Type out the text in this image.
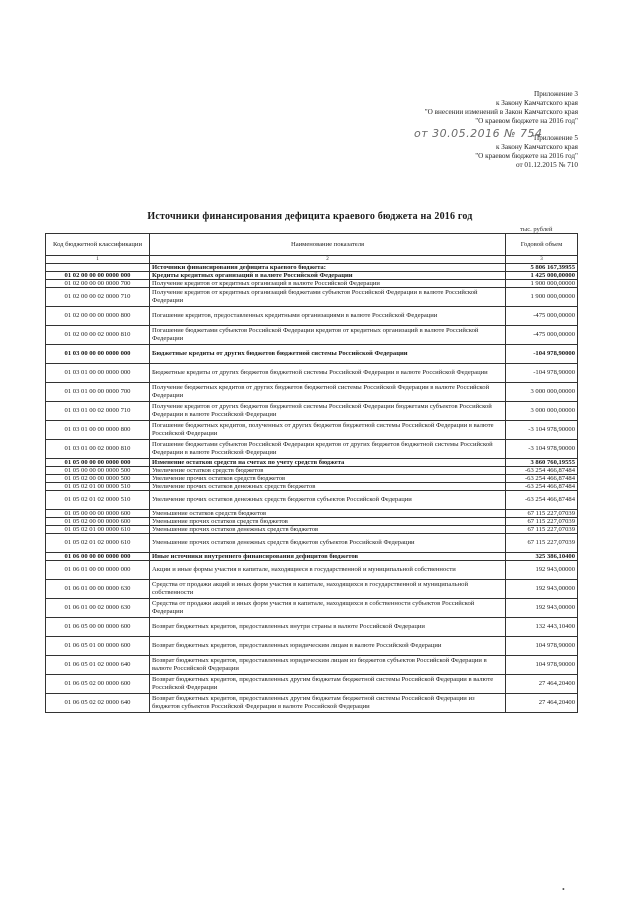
Приложение 3
к Закону Камчатского края
"О внесении изменений в Закон Камчатского края
"О краевом бюджете на 2016 год"
от 30.05.2016 № 754
"Приложение 5
к Закону Камчатского края
"О краевом бюджете на 2016 год"
от 01.12.2015 № 710
Источники финансирования дефицита краевого бюджета на 2016 год
тыс. рублей
Код бюджетной классификации	Наименование показателя	Годовой объем
1	2	3
	Источники финансирования дефицита краевого бюджета:	5 806 167,39955
01 02 00 00 00 0000 000	Кредиты кредитных организаций в валюте Российской Федерации	1 425 000,00000
01 02 00 00 00 0000 700	Получение кредитов от кредитных организаций в валюте Российской Федерации	1 900 000,00000
01 02 00 00 02 0000 710	Получение кредитов от кредитных организаций бюджетами субъектов Российской Федерации в валюте Российской Федерации	1 900 000,00000
01 02 00 00 00 0000 800	Погашение кредитов, предоставленных кредитными организациями в валюте Российской Федерации	-475 000,00000
01 02 00 00 02 0000 810	Погашение бюджетами субъектов Российской Федерации кредитов от кредитных организаций в валюте Российской Федерации	-475 000,00000
01 03 00 00 00 0000 000	Бюджетные кредиты от других бюджетов бюджетной системы Российской Федерации	-104 978,90000
01 03 01 00 00 0000 000	Бюджетные кредиты от других бюджетов бюджетной системы Российской Федерации в валюте Российской Федерации	-104 978,90000
01 03 01 00 00 0000 700	Получение бюджетных кредитов от других бюджетов бюджетной системы Российской Федерации в валюте Российской Федерации	3 000 000,00000
01 03 01 00 02 0000 710	Получение кредитов от других бюджетов бюджетной системы Российской Федерации бюджетами субъектов Российской Федерации в валюте Российской Федерации	3 000 000,00000
01 03 01 00 00 0000 800	Погашение бюджетных кредитов, полученных от других бюджетов бюджетной системы Российской Федерации в валюте Российской Федерации	-3 104 978,90000
01 03 01 00 02 0000 810	Погашение бюджетами субъектов Российской Федерации кредитов от других бюджетов бюджетной системы Российской Федерации в валюте Российской Федерации	-3 104 978,90000
01 05 00 00 00 0000 000	Изменение остатков средств на счетах по учету средств бюджета	3 860 760,19555
01 05 00 00 00 0000 500	Увеличение остатков средств бюджетов	-63 254 466,87484
01 05 02 00 00 0000 500	Увеличение прочих остатков средств бюджетов	-63 254 466,87484
01 05 02 01 00 0000 510	Увеличение прочих остатков денежных средств бюджетов	-63 254 466,87484
01 05 02 01 02 0000 510	Увеличение прочих остатков денежных средств бюджетов субъектов Российской Федерации	-63 254 466,87484
01 05 00 00 00 0000 600	Уменьшение остатков средств бюджетов	67 115 227,07039
01 05 02 00 00 0000 600	Уменьшение прочих остатков средств бюджетов	67 115 227,07039
01 05 02 01 00 0000 610	Уменьшение прочих остатков денежных средств бюджетов	67 115 227,07039
01 05 02 01 02 0000 610	Уменьшение прочих остатков денежных средств бюджетов субъектов Российской Федерации	67 115 227,07039
01 06 00 00 00 0000 000	Иные источники внутреннего финансирования дефицитов бюджетов	325 386,10400
01 06 01 00 00 0000 000	Акции и иные формы участия в капитале, находящиеся в государственной и муниципальной собственности	192 943,00000
01 06 01 00 00 0000 630	Средства от продажи акций и иных форм участия в капитале, находящихся в государственной и муниципальной собственности	192 943,00000
01 06 01 00 02 0000 630	Средства от продажи акций и иных форм участия в капитале, находящихся в собственности субъектов Российской Федерации	192 943,00000
01 06 05 00 00 0000 600	Возврат бюджетных кредитов, предоставленных внутри страны в валюте Российской Федерации	132 443,10400
01 06 05 01 00 0000 600	Возврат бюджетных кредитов, предоставленных юридическим лицам в валюте Российской Федерации	104 978,90000
01 06 05 01 02 0000 640	Возврат бюджетных кредитов, предоставленных юридическим лицам из бюджетов субъектов Российской Федерации в валюте Российской Федерации	104 978,90000
01 06 05 02 00 0000 600	Возврат бюджетных кредитов, предоставленных другим бюджетам бюджетной системы Российской Федерации в валюте Российской Федерации	27 464,20400
01 06 05 02 02 0000 640	Возврат бюджетных кредитов, предоставленных другим бюджетам бюджетной системы Российской Федерации из бюджетов субъектов Российской Федерации в валюте Российской Федерации	27 464,20400
•
